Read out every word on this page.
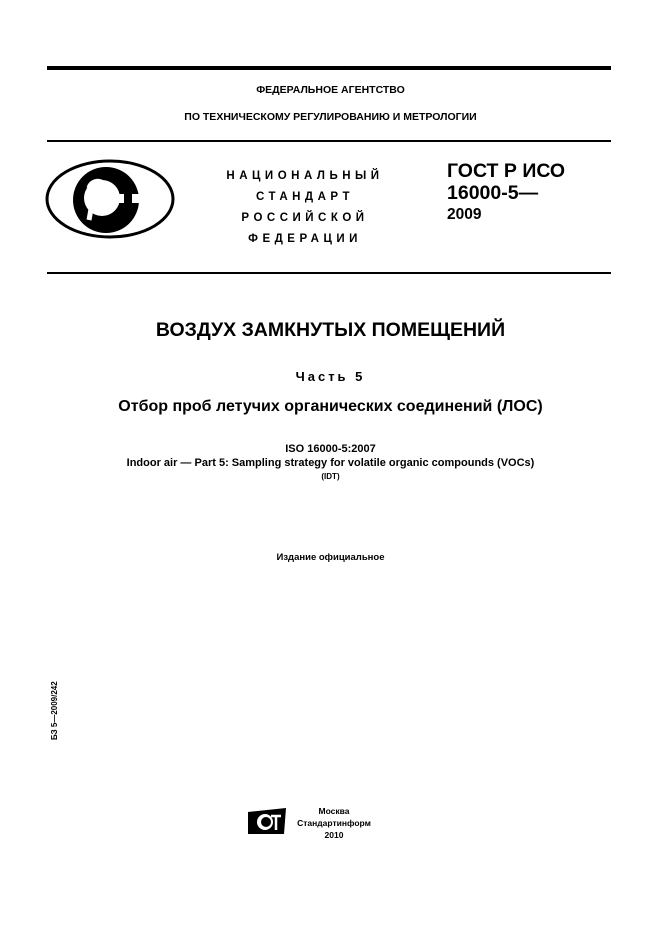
ФЕДЕРАЛЬНОЕ АГЕНТСТВО
ПО ТЕХНИЧЕСКОМУ РЕГУЛИРОВАНИЮ И МЕТРОЛОГИИ
НАЦИОНАЛЬНЫЙ
СТАНДАРТ
РОССИЙСКОЙ
ФЕДЕРАЦИИ
ГОСТ Р ИСО
16000-5—
2009
ВОЗДУХ ЗАМКНУТЫХ ПОМЕЩЕНИЙ
Часть 5
Отбор проб летучих органических соединений (ЛОС)
ISO 16000-5:2007
Indoor air — Part 5: Sampling strategy for volatile organic compounds (VOCs)
(IDT)
Издание официальное
БЗ 5—2009/242
Москва
Стандартинформ
2010
